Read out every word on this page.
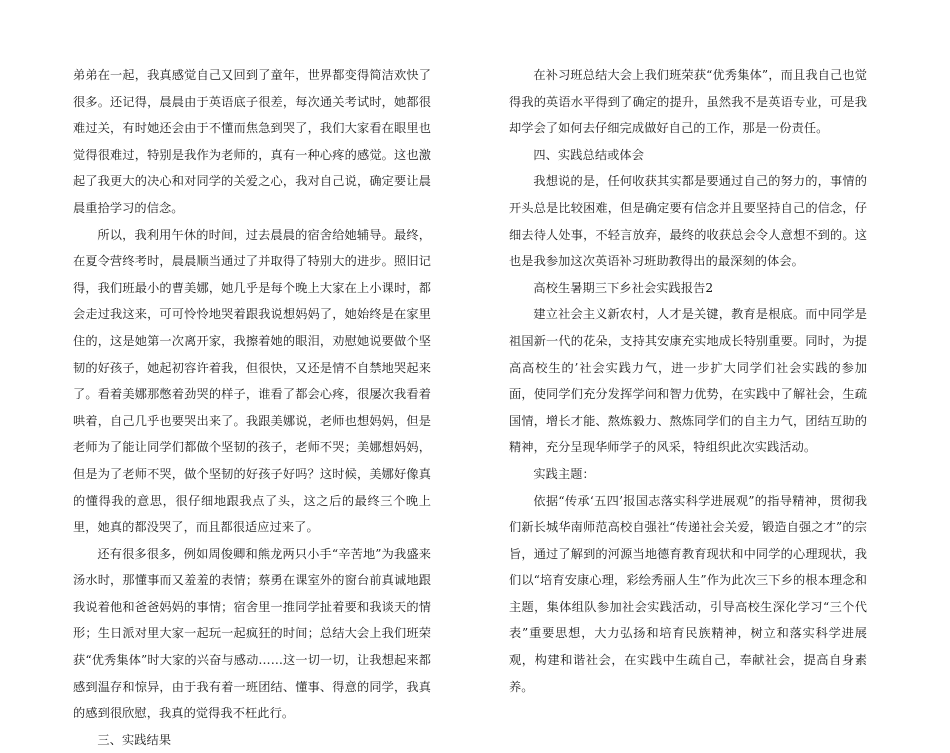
弟弟在一起，我真感觉自己又回到了童年，世界都变得简洁欢快了很多。还记得，晨晨由于英语底子很差，每次通关考试时，她都很难过关，有时她还会由于不懂而焦急到哭了，我们大家看在眼里也觉得很难过，特别是我作为老师的，真有一种心疼的感觉。这也激起了我更大的决心和对同学的关爱之心，我对自己说，确定要让晨晨重拾学习的信念。

所以，我利用午休的时间，过去晨晨的宿舍给她辅导。最终，在夏令营终考时，晨晨顺当通过了并取得了特别大的进步。照旧记得，我们班最小的曹美娜，她几乎是每个晚上大家在上小课时，都会走过我这来，可可怜怜地哭着跟我说想妈妈了，她始终是在家里住的，这是她第一次离开家，我擦着她的眼泪，劝慰她说要做个坚韧的好孩子，她起初容许着我，但很快，又还是情不自禁地哭起来了。看着美娜那憋着劲哭的样子，谁看了都会心疼，很屡次我看着哄着，自己几乎也要哭出来了。我跟美娜说，老师也想妈妈，但是老师为了能让同学们都做个坚韧的孩子，老师不哭；美娜想妈妈，但是为了老师不哭，做个坚韧的好孩子好吗？这时候，美娜好像真的懂得我的意思，很仔细地跟我点了头，这之后的最终三个晚上里，她真的都没哭了，而且都很适应过来了。

还有很多很多，例如周俊卿和熊龙两只小手“辛苦地”为我盛来汤水时，那懂事而又羞羞的表情；蔡勇在课室外的窗台前真诚地跟我说着他和爸爸妈妈的事情；宿舍里一推同学扯着要和我谈天的情形；生日派对里大家一起玩一起疯狂的时间；总结大会上我们班荣获“优秀集体”时大家的兴奋与感动……这一切一切，让我想起来都感到温存和惊异，由于我有着一班团结、懂事、得意的同学，我真的感到很欣慰，我真的觉得我不枉此行。

三、实践结果

在补习班总结大会上我们班荣获“优秀集体”，而且我自己也觉得我的英语水平得到了确定的提升，虽然我不是英语专业，可是我却学会了如何去仔细完成做好自己的工作，那是一份责任。

四、实践总结或体会

我想说的是，任何收获其实都是要通过自己的努力的，事情的开头总是比较困难，但是确定要有信念并且要坚持自己的信念，仔细去待人处事，不轻言放弃，最终的收获总会令人意想不到的。这也是我参加这次英语补习班助教得出的最深刻的体会。

高校生暑期三下乡社会实践报告2

建立社会主义新农村，人才是关键，教育是根底。而中同学是祖国新一代的花朵，支持其安康充实地成长特别重要。同时，为提高高校生的’社会实践力气，进一步扩大同学们社会实践的参加面，使同学们充分发挥学问和智力优势，在实践中了解社会，生疏国情，增长才能、熬炼毅力、熬炼同学们的自主力气，团结互助的精神，充分呈现华师学子的风采，特组织此次实践活动。

实践主题：

依据“传承‘五四’报国志落实科学进展观”的指导精神，贯彻我们新长城华南师范高校自强社“传递社会关爱，锻造自强之才”的宗旨，通过了解到的河源当地德育教育现状和中同学的心理现状，我们以“培育安康心理，彩绘秀丽人生”作为此次三下乡的根本理念和主题，集体组队参加社会实践活动，引导高校生深化学习“三个代表”重要思想，大力弘扬和培育民族精神，树立和落实科学进展观，构建和谐社会，在实践中生疏自己，奉献社会，提高自身素养。
